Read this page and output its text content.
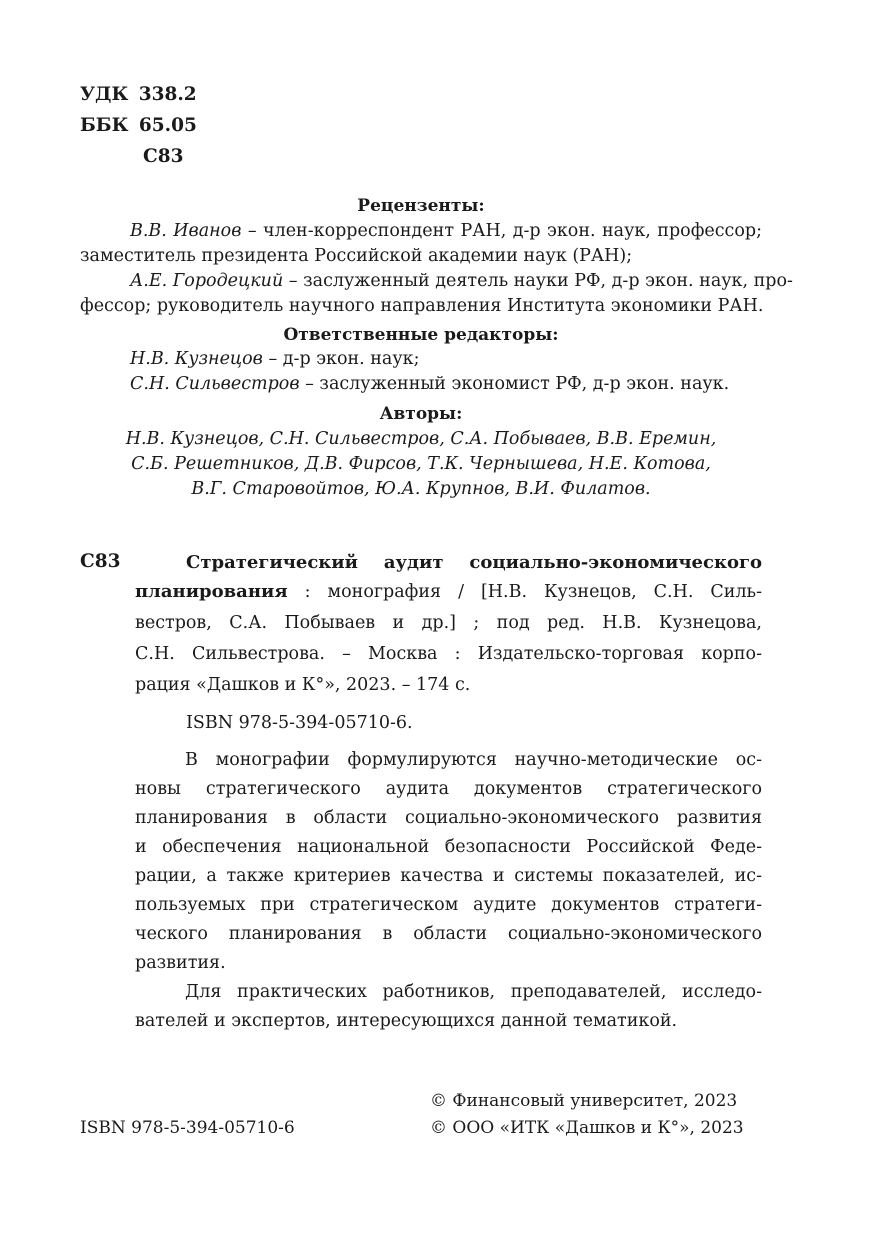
УДК 338.2
ББК 65.05
С83
Рецензенты:
В.В. Иванов – член-корреспондент РАН, д-р экон. наук, профессор;
заместитель президента Российской академии наук (РАН);
А.Е. Городецкий – заслуженный деятель науки РФ, д-р экон. наук, про-
фессор; руководитель научного направления Института экономики РАН.
Ответственные редакторы:
Н.В. Кузнецов – д-р экон. наук;
С.Н. Сильвестров – заслуженный экономист РФ, д-р экон. наук.
Авторы:
Н.В. Кузнецов, С.Н. Сильвестров, С.А. Побываев, В.В. Еремин,
С.Б. Решетников, Д.В. Фирсов, Т.К. Чернышева, Н.Е. Котова,
В.Г. Старовойтов, Ю.А. Крупнов, В.И. Филатов.
С83	Стратегический аудит социально-экономического
планирования : монография / [Н.В. Кузнецов, С.Н. Силь-
вестров, С.А. Побываев и др.] ; под ред. Н.В. Кузнецова,
С.Н. Сильвестрова. – Москва : Издательско-торговая корпо-
рация «Дашков и К°», 2023. – 174 с.
ISBN 978-5-394-05710-6.
В монографии формулируются научно-методические ос-
новы стратегического аудита документов стратегического
планирования в области социально-экономического развития
и обеспечения национальной безопасности Российской Феде-
рации, а также критериев качества и системы показателей, ис-
пользуемых при стратегическом аудите документов стратеги-
ческого планирования в области социально-экономического
развития.
Для практических работников, преподавателей, исследо-
вателей и экспертов, интересующихся данной тематикой.
© Финансовый университет, 2023
ISBN 978-5-394-05710-6	© ООО «ИТК «Дашков и К°», 2023
